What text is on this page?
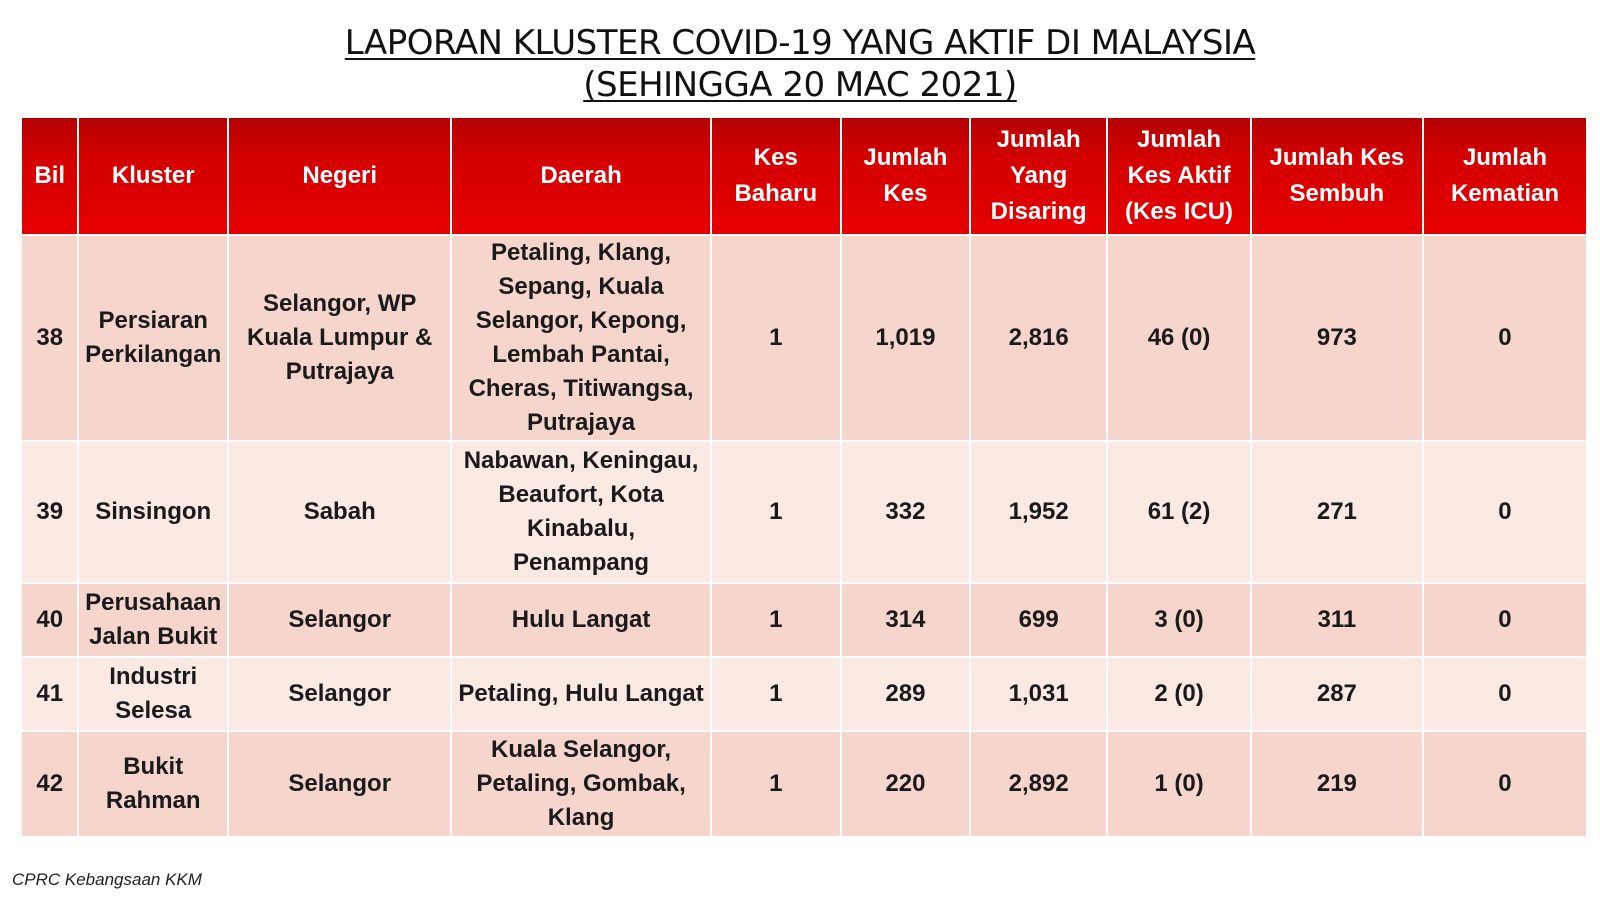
LAPORAN KLUSTER COVID-19 YANG AKTIF DI MALAYSIA
(SEHINGGA 20 MAC 2021)
Bil	Kluster	Negeri	Daerah	Kes Baharu	Jumlah Kes	Jumlah Yang Disaring	Jumlah Kes Aktif (Kes ICU)	Jumlah Kes Sembuh	Jumlah Kematian
38	Persiaran Perkilangan	Selangor, WP Kuala Lumpur & Putrajaya	Petaling, Klang, Sepang, Kuala Selangor, Kepong, Lembah Pantai, Cheras, Titiwangsa, Putrajaya	1	1,019	2,816	46 (0)	973	0
39	Sinsingon	Sabah	Nabawan, Keningau, Beaufort, Kota Kinabalu, Penampang	1	332	1,952	61 (2)	271	0
40	Perusahaan Jalan Bukit	Selangor	Hulu Langat	1	314	699	3 (0)	311	0
41	Industri Selesa	Selangor	Petaling, Hulu Langat	1	289	1,031	2 (0)	287	0
42	Bukit Rahman	Selangor	Kuala Selangor, Petaling, Gombak, Klang	1	220	2,892	1 (0)	219	0
CPRC Kebangsaan KKM
